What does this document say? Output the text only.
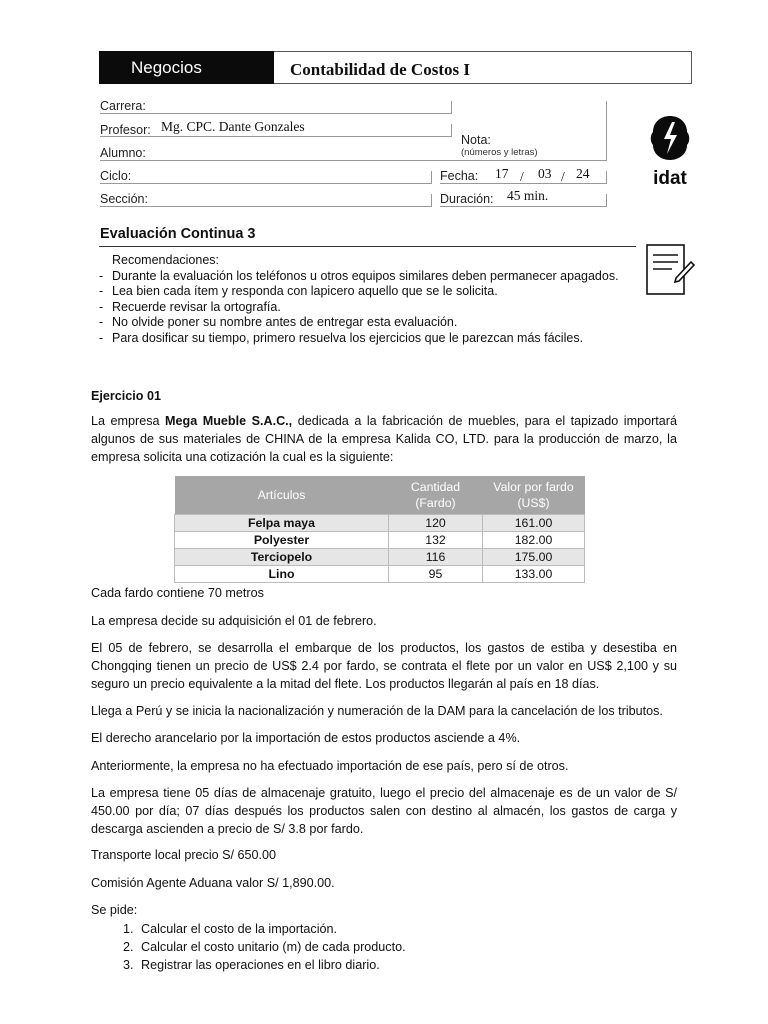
Negocios	Contabilidad de Costos I
Carrera:
Profesor: Mg. CPC. Dante Gonzales
Alumno:
Nota:
(números y letras)
Ciclo:	Fecha: 17 / 03 / 24
Sección:	Duración: 45 min.
idat
Evaluación Continua 3
Recomendaciones:
- Durante la evaluación los teléfonos u otros equipos similares deben permanecer apagados.
- Lea bien cada ítem y responda con lapicero aquello que se le solicita.
- Recuerde revisar la ortografía.
- No olvide poner su nombre antes de entregar esta evaluación.
- Para dosificar su tiempo, primero resuelva los ejercicios que le parezcan más fáciles.
Ejercicio 01
La empresa Mega Mueble S.A.C., dedicada a la fabricación de muebles, para el tapizado importará algunos de sus materiales de CHINA de la empresa Kalida CO, LTD. para la producción de marzo, la empresa solicita una cotización la cual es la siguiente:
Artículos	Cantidad (Fardo)	Valor por fardo (US$)
Felpa maya	120	161.00
Polyester	132	182.00
Terciopelo	116	175.00
Lino	95	133.00
Cada fardo contiene 70 metros
La empresa decide su adquisición el 01 de febrero.
El 05 de febrero, se desarrolla el embarque de los productos, los gastos de estiba y desestiba en Chongqing tienen un precio de US$ 2.4 por fardo, se contrata el flete por un valor en US$ 2,100 y su seguro un precio equivalente a la mitad del flete. Los productos llegarán al país en 18 días.
Llega a Perú y se inicia la nacionalización y numeración de la DAM para la cancelación de los tributos.
El derecho arancelario por la importación de estos productos asciende a 4%.
Anteriormente, la empresa no ha efectuado importación de ese país, pero sí de otros.
La empresa tiene 05 días de almacenaje gratuito, luego el precio del almacenaje es de un valor de S/ 450.00 por día; 07 días después los productos salen con destino al almacén, los gastos de carga y descarga ascienden a precio de S/ 3.8 por fardo.
Transporte local precio S/ 650.00
Comisión Agente Aduana valor S/ 1,890.00.
Se pide:
1. Calcular el costo de la importación.
2. Calcular el costo unitario (m) de cada producto.
3. Registrar las operaciones en el libro diario.
